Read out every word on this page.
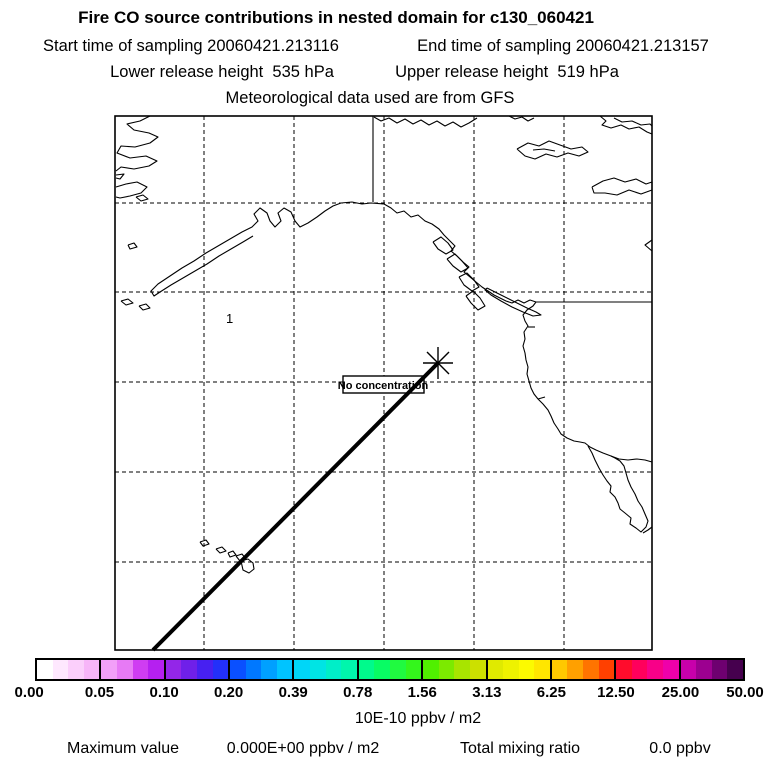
Fire CO source contributions in nested domain for c130_060421
Start time of sampling 20060421.213116	End time of sampling 20060421.213157
Lower release height  535 hPa	Upper release height  519 hPa
Meteorological data used are from GFS
1
No concentration
0.00	0.05 0.10 0.20 0.39 0.78 1.56 3.13 6.25 12.50 25.00 50.00
10E-10 ppbv / m2
Maximum value	0.000E+00 ppbv / m2	Total mixing ratio	0.0 ppbv
